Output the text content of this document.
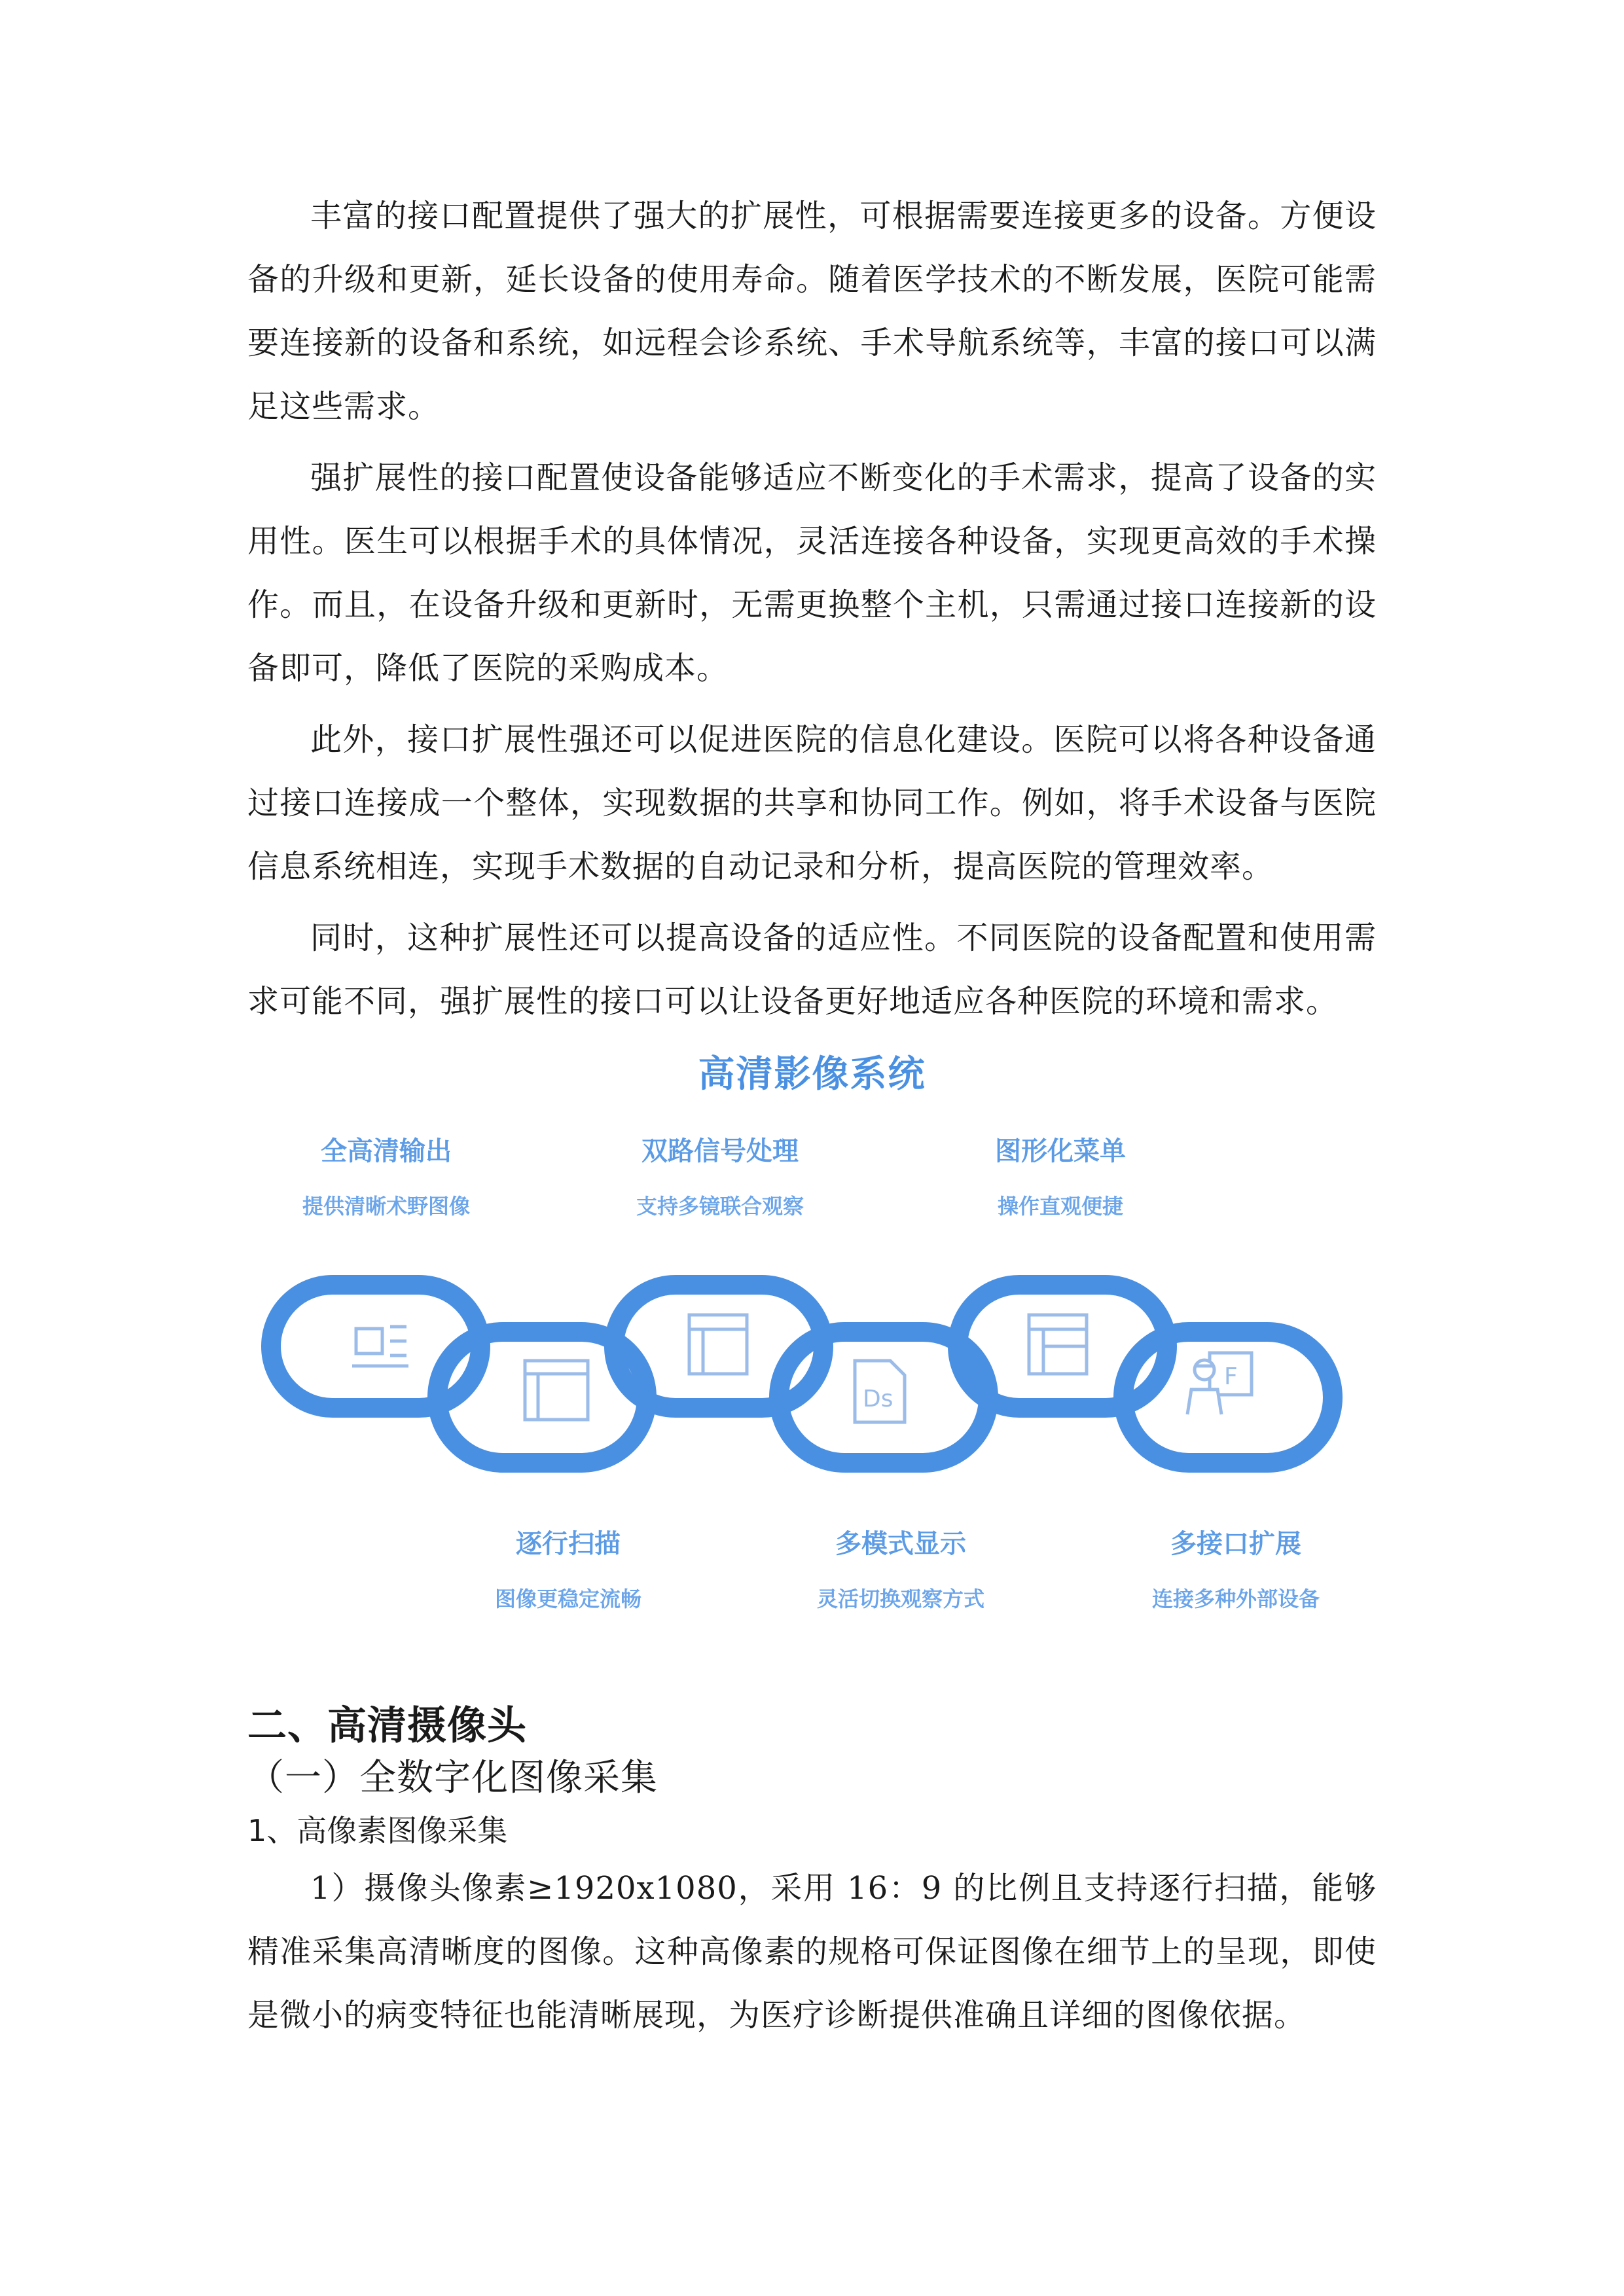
丰富的接口配置提供了强大的扩展性，可根据需要连接更多的设备。方便设备的升级和更新，延长设备的使用寿命。随着医学技术的不断发展，医院可能需要连接新的设备和系统，如远程会诊系统、手术导航系统等，丰富的接口可以满足这些需求。

强扩展性的接口配置使设备能够适应不断变化的手术需求，提高了设备的实用性。医生可以根据手术的具体情况，灵活连接各种设备，实现更高效的手术操作。而且，在设备升级和更新时，无需更换整个主机，只需通过接口连接新的设备即可，降低了医院的采购成本。

此外，接口扩展性强还可以促进医院的信息化建设。医院可以将各种设备通过接口连接成一个整体，实现数据的共享和协同工作。例如，将手术设备与医院信息系统相连，实现手术数据的自动记录和分析，提高医院的管理效率。

同时，这种扩展性还可以提高设备的适应性。不同医院的设备配置和使用需求可能不同，强扩展性的接口可以让设备更好地适应各种医院的环境和需求。

高清影像系统
全高清输出
提供清晰术野图像
双路信号处理
支持多镜联合观察
图形化菜单
操作直观便捷
Ds
F
逐行扫描
图像更稳定流畅
多模式显示
灵活切换观察方式
多接口扩展
连接多种外部设备
二、高清摄像头
（一）全数字化图像采集

1、高像素图像采集

1）摄像头像素≥1920x1080，采用 16：9 的比例且支持逐行扫描，能够精准采集高清晰度的图像。这种高像素的规格可保证图像在细节上的呈现，即使是微小的病变特征也能清晰展现，为医疗诊断提供准确且详细的图像依据。
